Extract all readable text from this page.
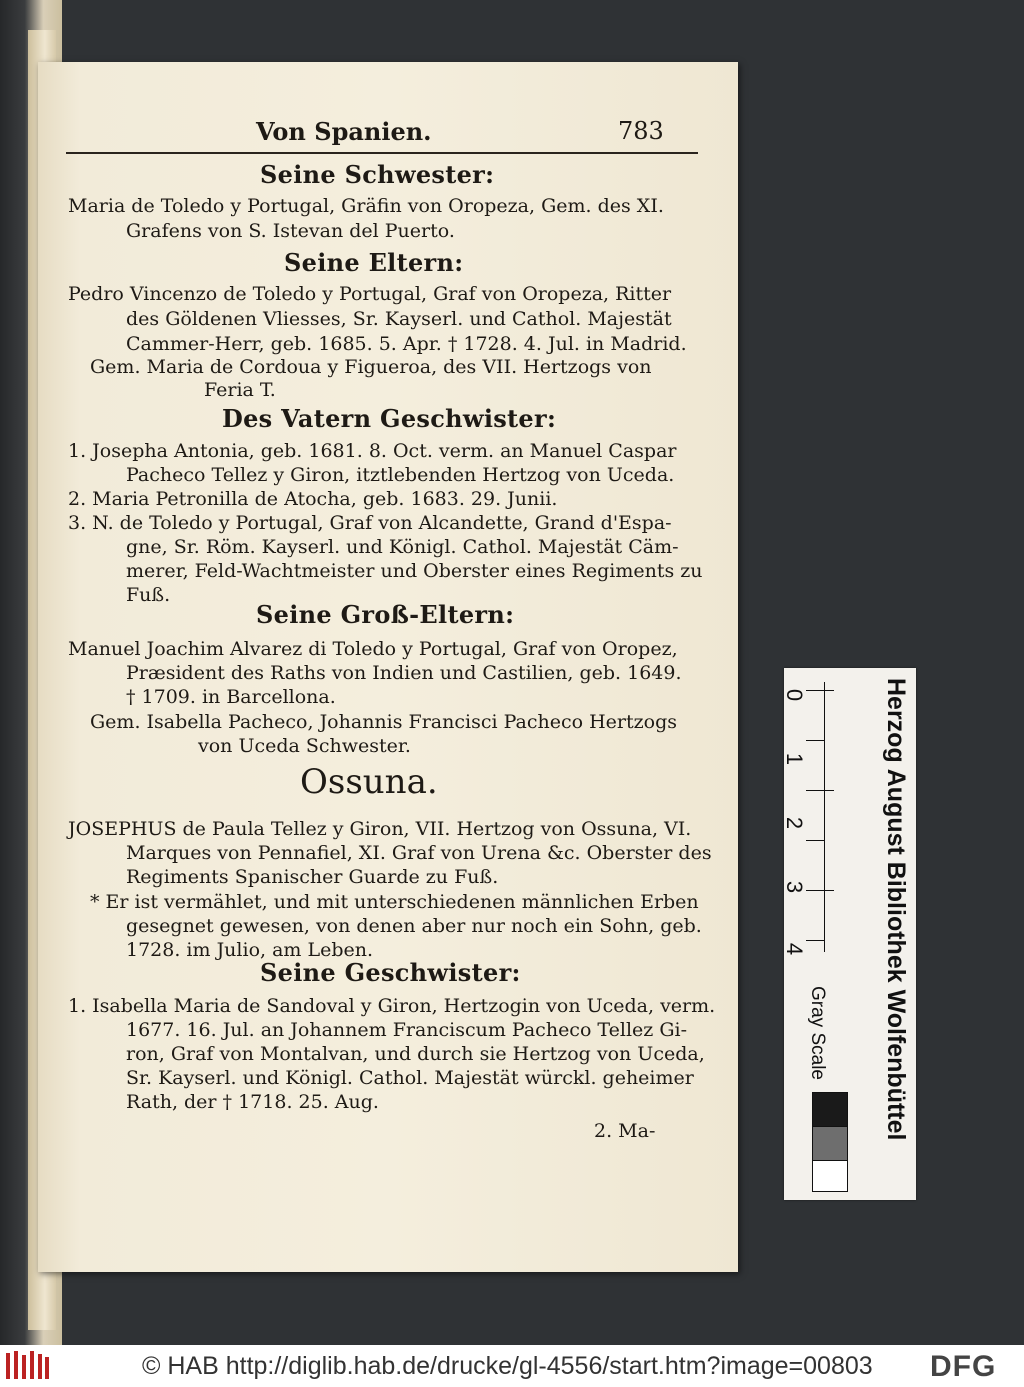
Von Spanien.	783
Seine Schwester:
Maria de Toledo y Portugal, Gräfin von Oropeza, Gem. des XI.
Grafens von S. Istevan del Puerto.
Seine Eltern:
Pedro Vincenzo de Toledo y Portugal, Graf von Oropeza, Ritter
des Göldenen Vliesses, Sr. Kayserl. und Cathol. Majestät
Cammer-Herr, geb. 1685. 5. Apr. † 1728. 4. Jul. in Madrid.
Gem. Maria de Cordoua y Figueroa, des VII. Hertzogs von
Feria T.
Des Vatern Geschwister:
1. Josepha Antonia, geb. 1681. 8. Oct. verm. an Manuel Caspar
Pacheco Tellez y Giron, itztlebenden Hertzog von Uceda.
2. Maria Petronilla de Atocha, geb. 1683. 29. Junii.
3. N. de Toledo y Portugal, Graf von Alcandette, Grand d'Espa-
gne, Sr. Röm. Kayserl. und Königl. Cathol. Majestät Cäm-
merer, Feld-Wachtmeister und Oberster eines Regiments zu
Fuß.
Seine Groß-Eltern:
Manuel Joachim Alvarez di Toledo y Portugal, Graf von Oropez,
Præsident des Raths von Indien und Castilien, geb. 1649.
† 1709. in Barcellona.
Gem. Isabella Pacheco, Johannis Francisci Pacheco Hertzogs
von Uceda Schwester.
Ossuna.
JOSEPHUS de Paula Tellez y Giron, VII. Hertzog von Ossuna, VI.
Marques von Pennafiel, XI. Graf von Urena &c. Oberster des
Regiments Spanischer Guarde zu Fuß.
* Er ist vermählet, und mit unterschiedenen männlichen Erben
gesegnet gewesen, von denen aber nur noch ein Sohn, geb.
1728. im Julio, am Leben.
Seine Geschwister:
1. Isabella Maria de Sandoval y Giron, Hertzogin von Uceda, verm.
1677. 16. Jul. an Johannem Franciscum Pacheco Tellez Gi-
ron, Graf von Montalvan, und durch sie Hertzog von Uceda,
Sr. Kayserl. und Königl. Cathol. Majestät würckl. geheimer
Rath, der † 1718. 25. Aug.
2. Ma-	Herzog August Bibliothek Wolfenbüttel
0
1
2
3
4
Gray Scale
© HAB http://diglib.hab.de/drucke/gl-4556/start.htm?image=00803 DFG
